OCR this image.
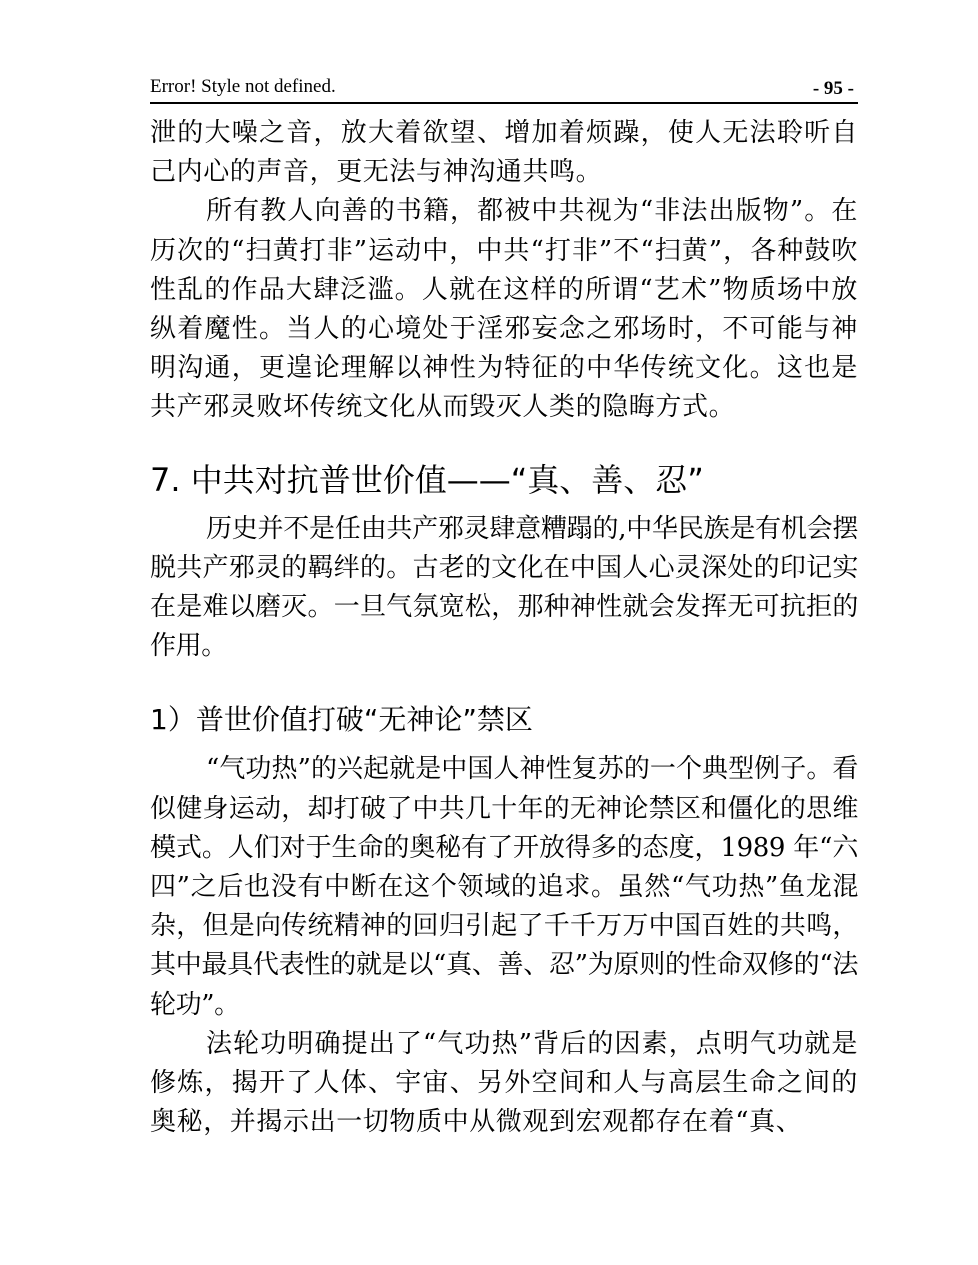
Error! Style not defined.	- 95 -

泄的大噪之音，放大着欲望、增加着烦躁，使人无法聆听自己内心的声音，更无法与神沟通共鸣。

所有教人向善的书籍，都被中共视为“非法出版物”。在历次的“扫黄打非”运动中，中共“打非”不“扫黄”，各种鼓吹性乱的作品大肆泛滥。人就在这样的所谓“艺术”物质场中放纵着魔性。当人的心境处于淫邪妄念之邪场时，不可能与神明沟通，更遑论理解以神性为特征的中华传统文化。这也是共产邪灵败坏传统文化从而毁灭人类的隐晦方式。

7. 中共对抗普世价值——“真、善、忍”

历史并不是任由共产邪灵肆意糟蹋的,中华民族是有机会摆脱共产邪灵的羁绊的。古老的文化在中国人心灵深处的印记实在是难以磨灭。一旦气氛宽松，那种神性就会发挥无可抗拒的作用。

1）普世价值打破“无神论”禁区

“气功热”的兴起就是中国人神性复苏的一个典型例子。看似健身运动，却打破了中共几十年的无神论禁区和僵化的思维模式。人们对于生命的奥秘有了开放得多的态度，1989 年“六四”之后也没有中断在这个领域的追求。虽然“气功热”鱼龙混杂，但是向传统精神的回归引起了千千万万中国百姓的共鸣，其中最具代表性的就是以“真、善、忍”为原则的性命双修的“法轮功”。

法轮功明确提出了“气功热”背后的因素，点明气功就是修炼，揭开了人体、宇宙、另外空间和人与高层生命之间的奥秘，并揭示出一切物质中从微观到宏观都存在着“真、
